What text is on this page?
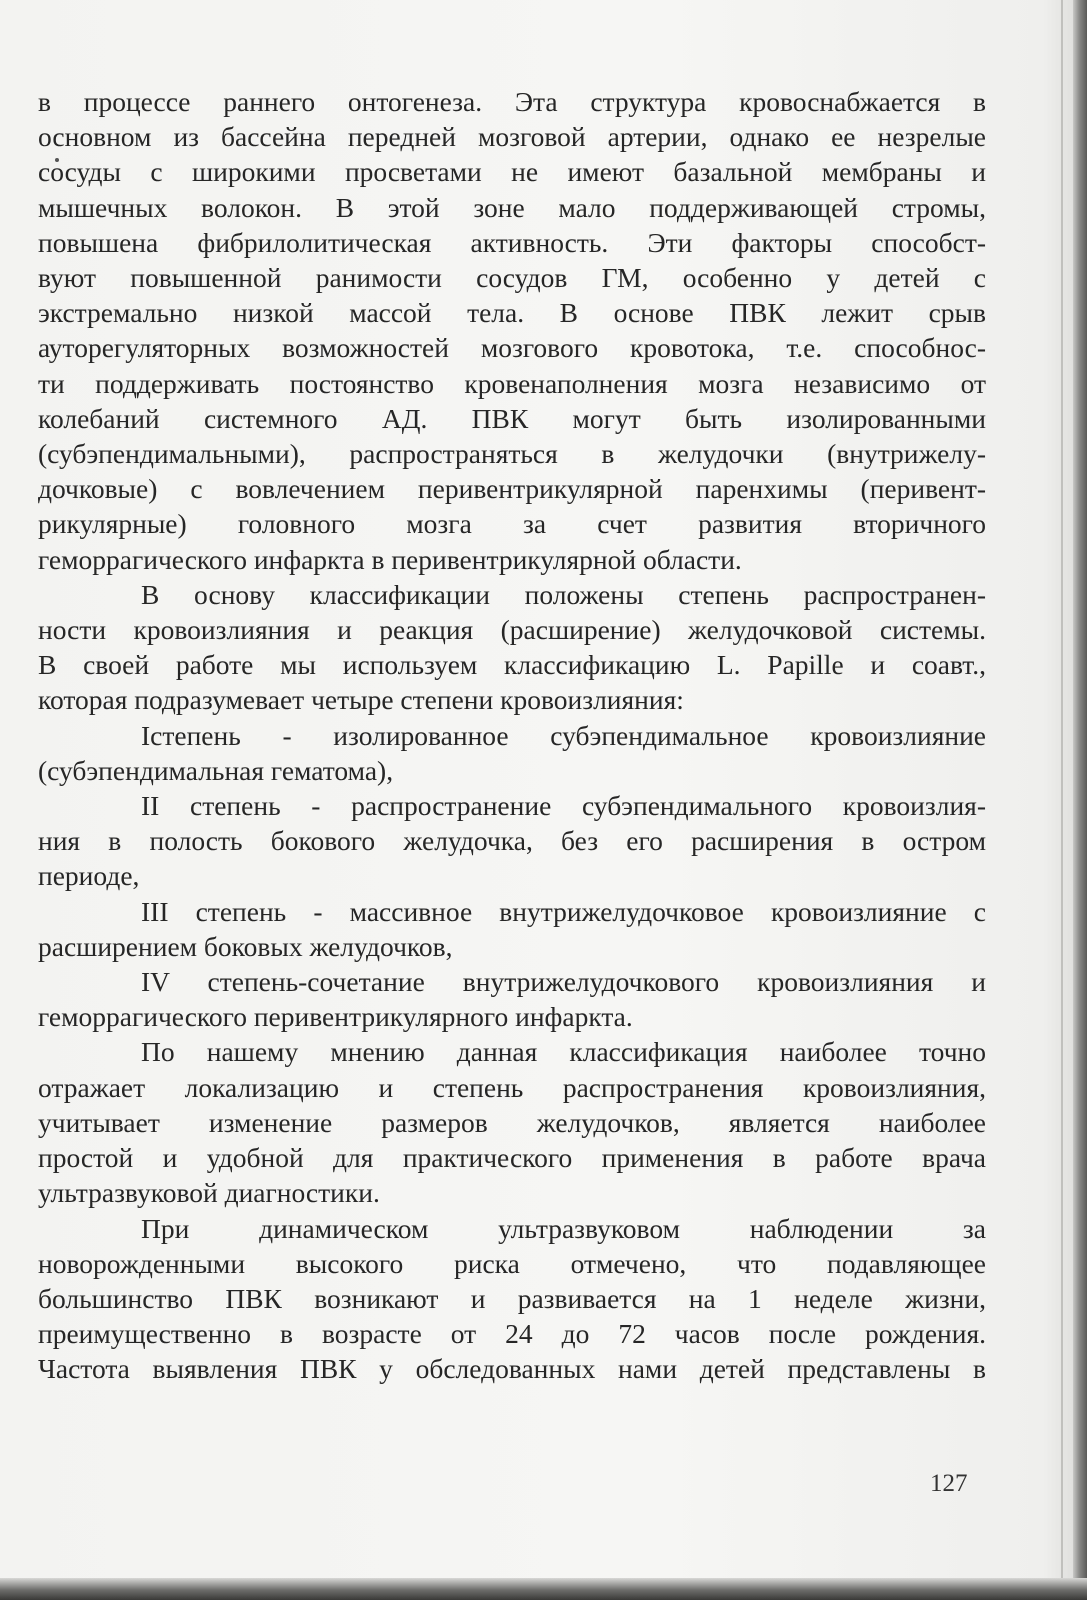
в процессе раннего онтогенеза. Эта структура кровоснабжается в
основном из бассейна передней мозговой артерии, однако ее незрелые
сосуды с широкими просветами не имеют базальной мембраны и
мышечных волокон. В этой зоне мало поддерживающей стромы,
повышена фибрилолитическая активность. Эти факторы способст-
вуют повышенной ранимости сосудов ГМ, особенно у детей с
экстремально низкой массой тела. В основе ПВК лежит срыв
ауторегуляторных возможностей мозгового кровотока, т.е. способнос-
ти поддерживать постоянство кровенаполнения мозга независимо от
колебаний системного АД. ПВК могут быть изолированными
(субэпендимальными), распространяться в желудочки (внутрижелу-
дочковые) с вовлечением перивентрикулярной паренхимы (перивент-
рикулярные) головного мозга за счет развития вторичного
геморрагического инфаркта в перивентрикулярной области.
В основу классификации положены степень распространен-
ности кровоизлияния и реакция (расширение) желудочковой системы.
В своей работе мы используем классификацию L. Papille и соавт.,
которая подразумевает четыре степени кровоизлияния:
Істепень - изолированное субэпендимальное кровоизлияние
(субэпендимальная гематома),
II степень - распространение субэпендимального кровоизлия-
ния в полость бокового желудочка, без его расширения в остром
периоде,
III степень - массивное внутрижелудочковое кровоизлияние с
расширением боковых желудочков,
IV степень-сочетание внутрижелудочкового кровоизлияния и
геморрагического перивентрикулярного инфаркта.
По нашему мнению данная классификация наиболее точно
отражает локализацию и степень распространения кровоизлияния,
учитывает изменение размеров желудочков, является наиболее
простой и удобной для практического применения в работе врача
ультразвуковой диагностики.
При динамическом ультразвуковом наблюдении за
новорожденными высокого риска отмечено, что подавляющее
большинство ПВК возникают и развивается на 1 неделе жизни,
преимущественно в возрасте от 24 до 72 часов после рождения.
Частота выявления ПВК у обследованных нами детей представлены в
127
